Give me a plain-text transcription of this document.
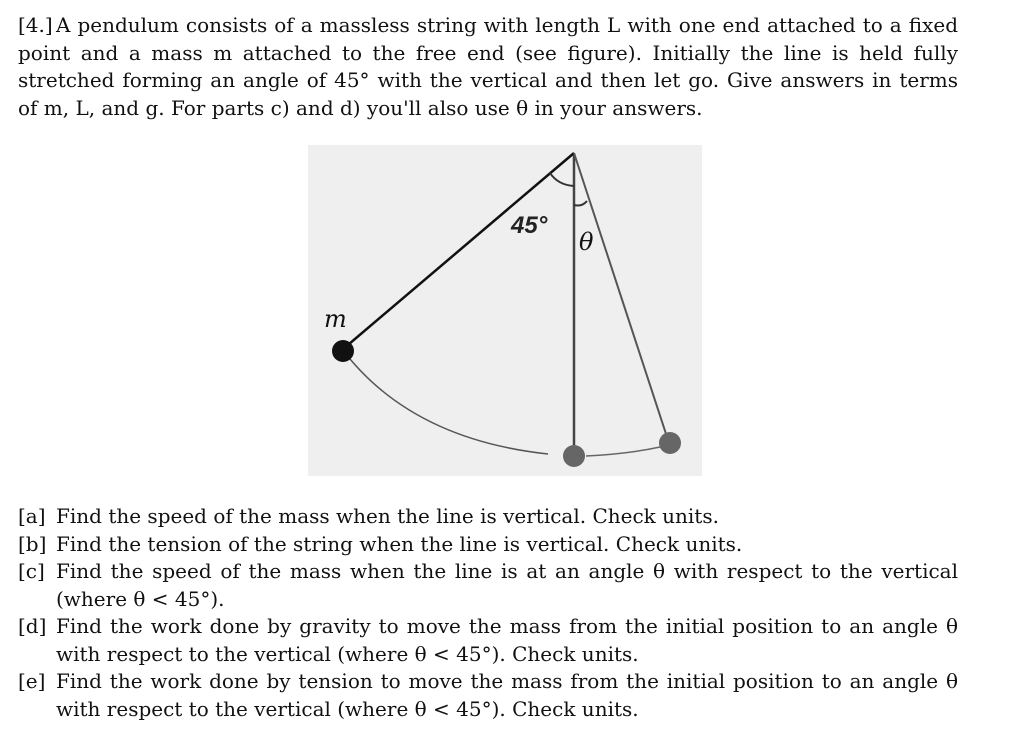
[4.] A pendulum consists of a massless string with length L with one end attached to a fixed point and a mass m attached to the free end (see figure). Initially the line is held fully stretched forming an angle of 45° with the vertical and then let go. Give answers in terms of m, L, and g. For parts c) and d) you'll also use θ in your answers.
45°
θ
m
[a] Find the speed of the mass when the line is vertical. Check units.
[b] Find the tension of the string when the line is vertical. Check units.
[c] Find the speed of the mass when the line is at an angle θ with respect to the vertical (where θ < 45°).
[d] Find the work done by gravity to move the mass from the initial position to an angle θ with respect to the vertical (where θ < 45°). Check units.
[e] Find the work done by tension to move the mass from the initial position to an angle θ with respect to the vertical (where θ < 45°). Check units.
